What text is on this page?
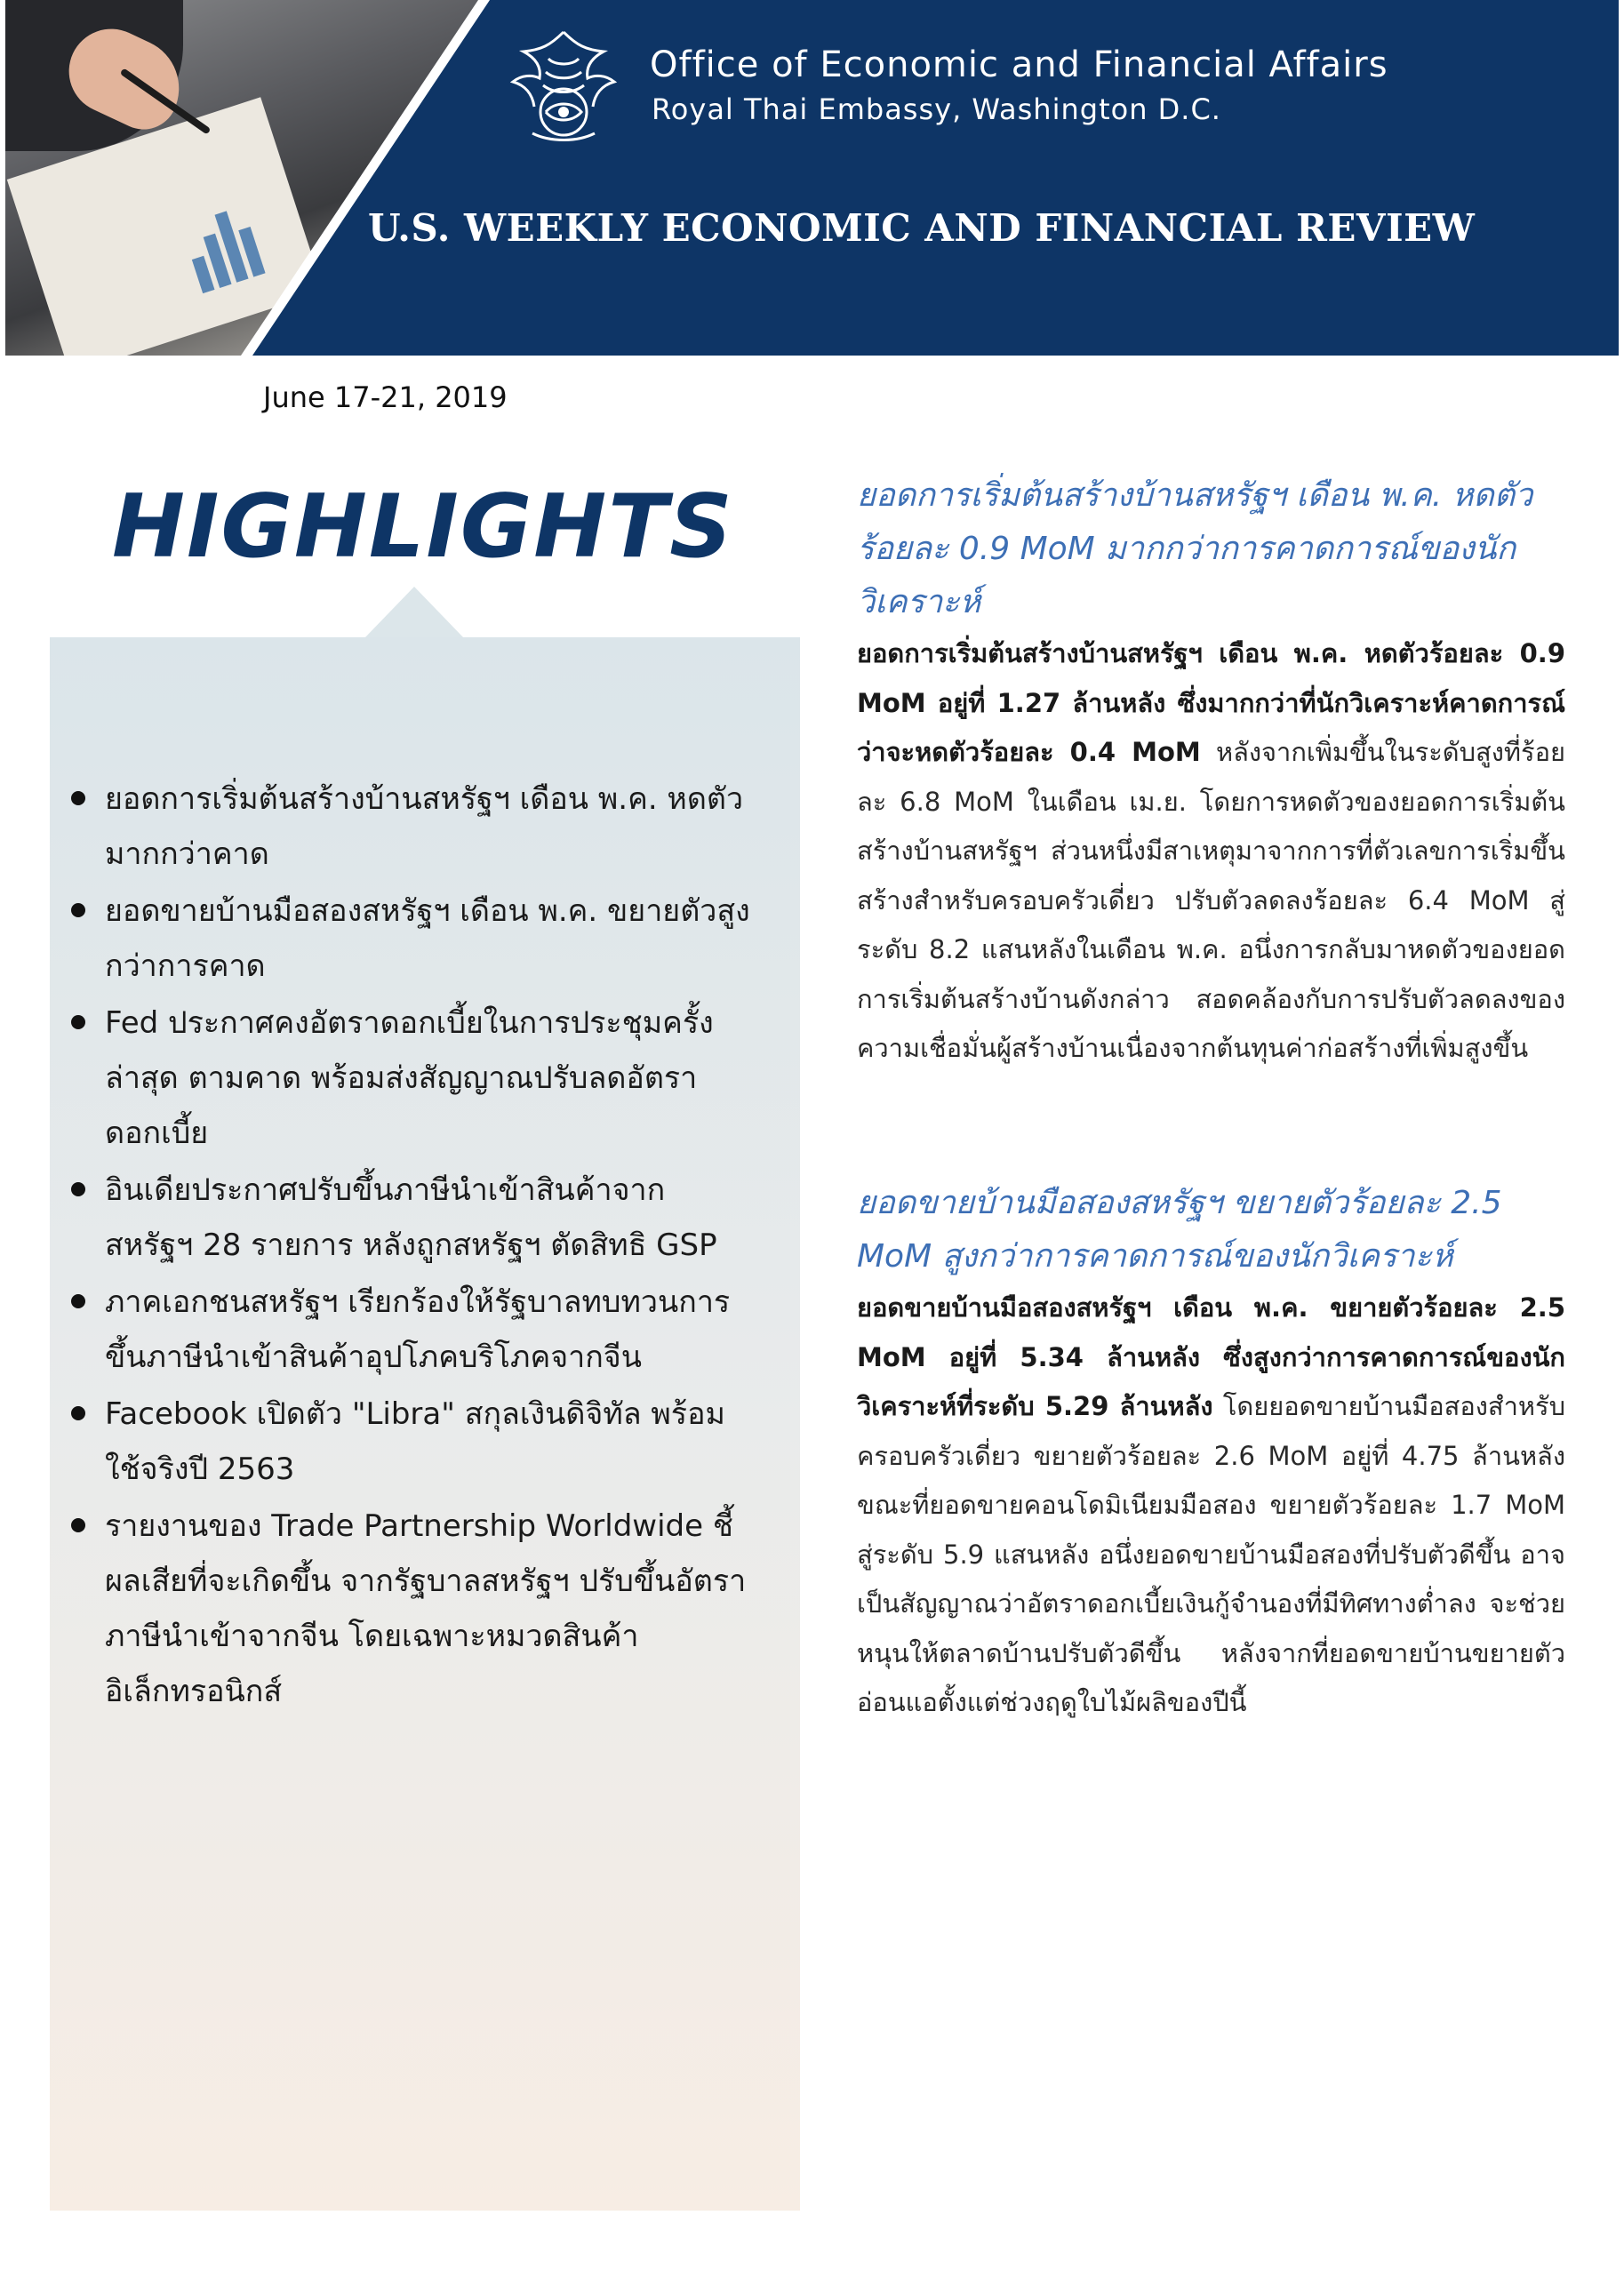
Office of Economic and Financial Affairs
Royal Thai Embassy, Washington D.C.
U.S. WEEKLY ECONOMIC AND FINANCIAL REVIEW
June 17-21, 2019
HIGHLIGHTS
ยอดการเริ่มต้นสร้างบ้านสหรัฐฯ เดือน พ.ค. หดตัวมากกว่าคาด
ยอดขายบ้านมือสองสหรัฐฯ เดือน พ.ค. ขยายตัวสูงกว่าการคาด
Fed ประกาศคงอัตราดอกเบี้ยในการประชุมครั้งล่าสุด ตามคาด พร้อมส่งสัญญาณปรับลดอัตราดอกเบี้ย
อินเดียประกาศปรับขึ้นภาษีนำเข้าสินค้าจากสหรัฐฯ 28 รายการ หลังถูกสหรัฐฯ ตัดสิทธิ GSP
ภาคเอกชนสหรัฐฯ เรียกร้องให้รัฐบาลทบทวนการขึ้นภาษีนำเข้าสินค้าอุปโภคบริโภคจากจีน
Facebook เปิดตัว "Libra" สกุลเงินดิจิทัล พร้อมใช้จริงปี 2563
รายงานของ Trade Partnership Worldwide ชี้ผลเสียที่จะเกิดขึ้น จากรัฐบาลสหรัฐฯ ปรับขึ้นอัตราภาษีนำเข้าจากจีน โดยเฉพาะหมวดสินค้าอิเล็กทรอนิกส์

ยอดการเริ่มต้นสร้างบ้านสหรัฐฯ เดือน พ.ค. หดตัวร้อยละ 0.9 MoM มากกว่าการคาดการณ์ของนักวิเคราะห์

ยอดการเริ่มต้นสร้างบ้านสหรัฐฯ เดือน พ.ค. หดตัวร้อยละ 0.9 MoM อยู่ที่ 1.27 ล้านหลัง ซึ่งมากกว่าที่นักวิเคราะห์คาดการณ์ว่าจะหดตัวร้อยละ 0.4 MoM หลังจากเพิ่มขึ้นในระดับสูงที่ร้อยละ 6.8 MoM ในเดือน เม.ย. โดยการหดตัวของยอดการเริ่มต้นสร้างบ้านสหรัฐฯ ส่วนหนึ่งมีสาเหตุมาจากการที่ตัวเลขการเริ่มขึ้นสร้างสำหรับครอบครัวเดี่ยว ปรับตัวลดลงร้อยละ 6.4 MoM สู่ระดับ 8.2 แสนหลังในเดือน พ.ค. อนึ่งการกลับมาหดตัวของยอดการเริ่มต้นสร้างบ้านดังกล่าว สอดคล้องกับการปรับตัวลดลงของความเชื่อมั่นผู้สร้างบ้านเนื่องจากต้นทุนค่าก่อสร้างที่เพิ่มสูงขึ้น

ยอดขายบ้านมือสองสหรัฐฯ ขยายตัวร้อยละ 2.5 MoM สูงกว่าการคาดการณ์ของนักวิเคราะห์

ยอดขายบ้านมือสองสหรัฐฯ เดือน พ.ค. ขยายตัวร้อยละ 2.5 MoM อยู่ที่ 5.34 ล้านหลัง ซึ่งสูงกว่าการคาดการณ์ของนักวิเคราะห์ที่ระดับ 5.29 ล้านหลัง โดยยอดขายบ้านมือสองสำหรับครอบครัวเดี่ยว ขยายตัวร้อยละ 2.6 MoM อยู่ที่ 4.75 ล้านหลัง ขณะที่ยอดขายคอนโดมิเนียมมือสอง ขยายตัวร้อยละ 1.7 MoM สู่ระดับ 5.9 แสนหลัง อนึ่งยอดขายบ้านมือสองที่ปรับตัวดีขึ้น อาจเป็นสัญญาณว่าอัตราดอกเบี้ยเงินกู้จำนองที่มีทิศทางต่ำลง จะช่วยหนุนให้ตลาดบ้านปรับตัวดีขึ้น หลังจากที่ยอดขายบ้านขยายตัวอ่อนแอตั้งแต่ช่วงฤดูใบไม้ผลิของปีนี้
